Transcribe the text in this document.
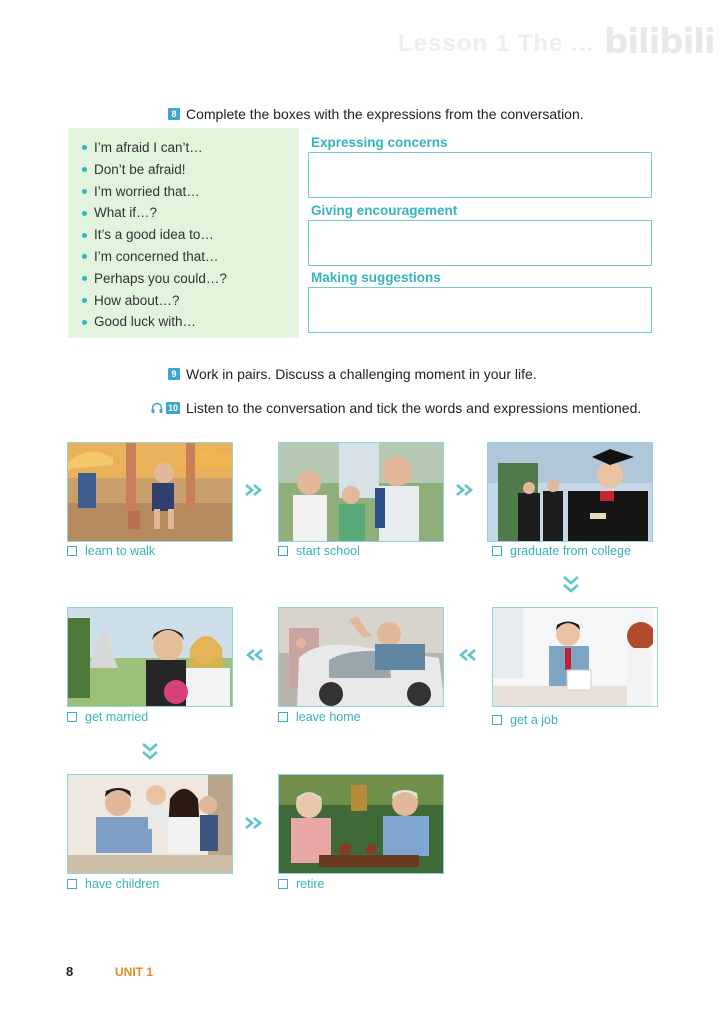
Lesson 1 The ... bilibili
8 Complete the boxes with the expressions from the conversation.
I’m afraid I can’t…
Don’t be afraid!
I’m worried that…
What if…?
It’s a good idea to…
I’m concerned that…
Perhaps you could…?
How about…?
Good luck with…
Expressing concerns
Giving encouragement
Making suggestions
9 Work in pairs. Discuss a challenging moment in your life.
10 Listen to the conversation and tick the words and expressions mentioned.
learn to walk	start school	graduate from college
get married	leave home	get a job
have children	retire
8	UNIT 1
